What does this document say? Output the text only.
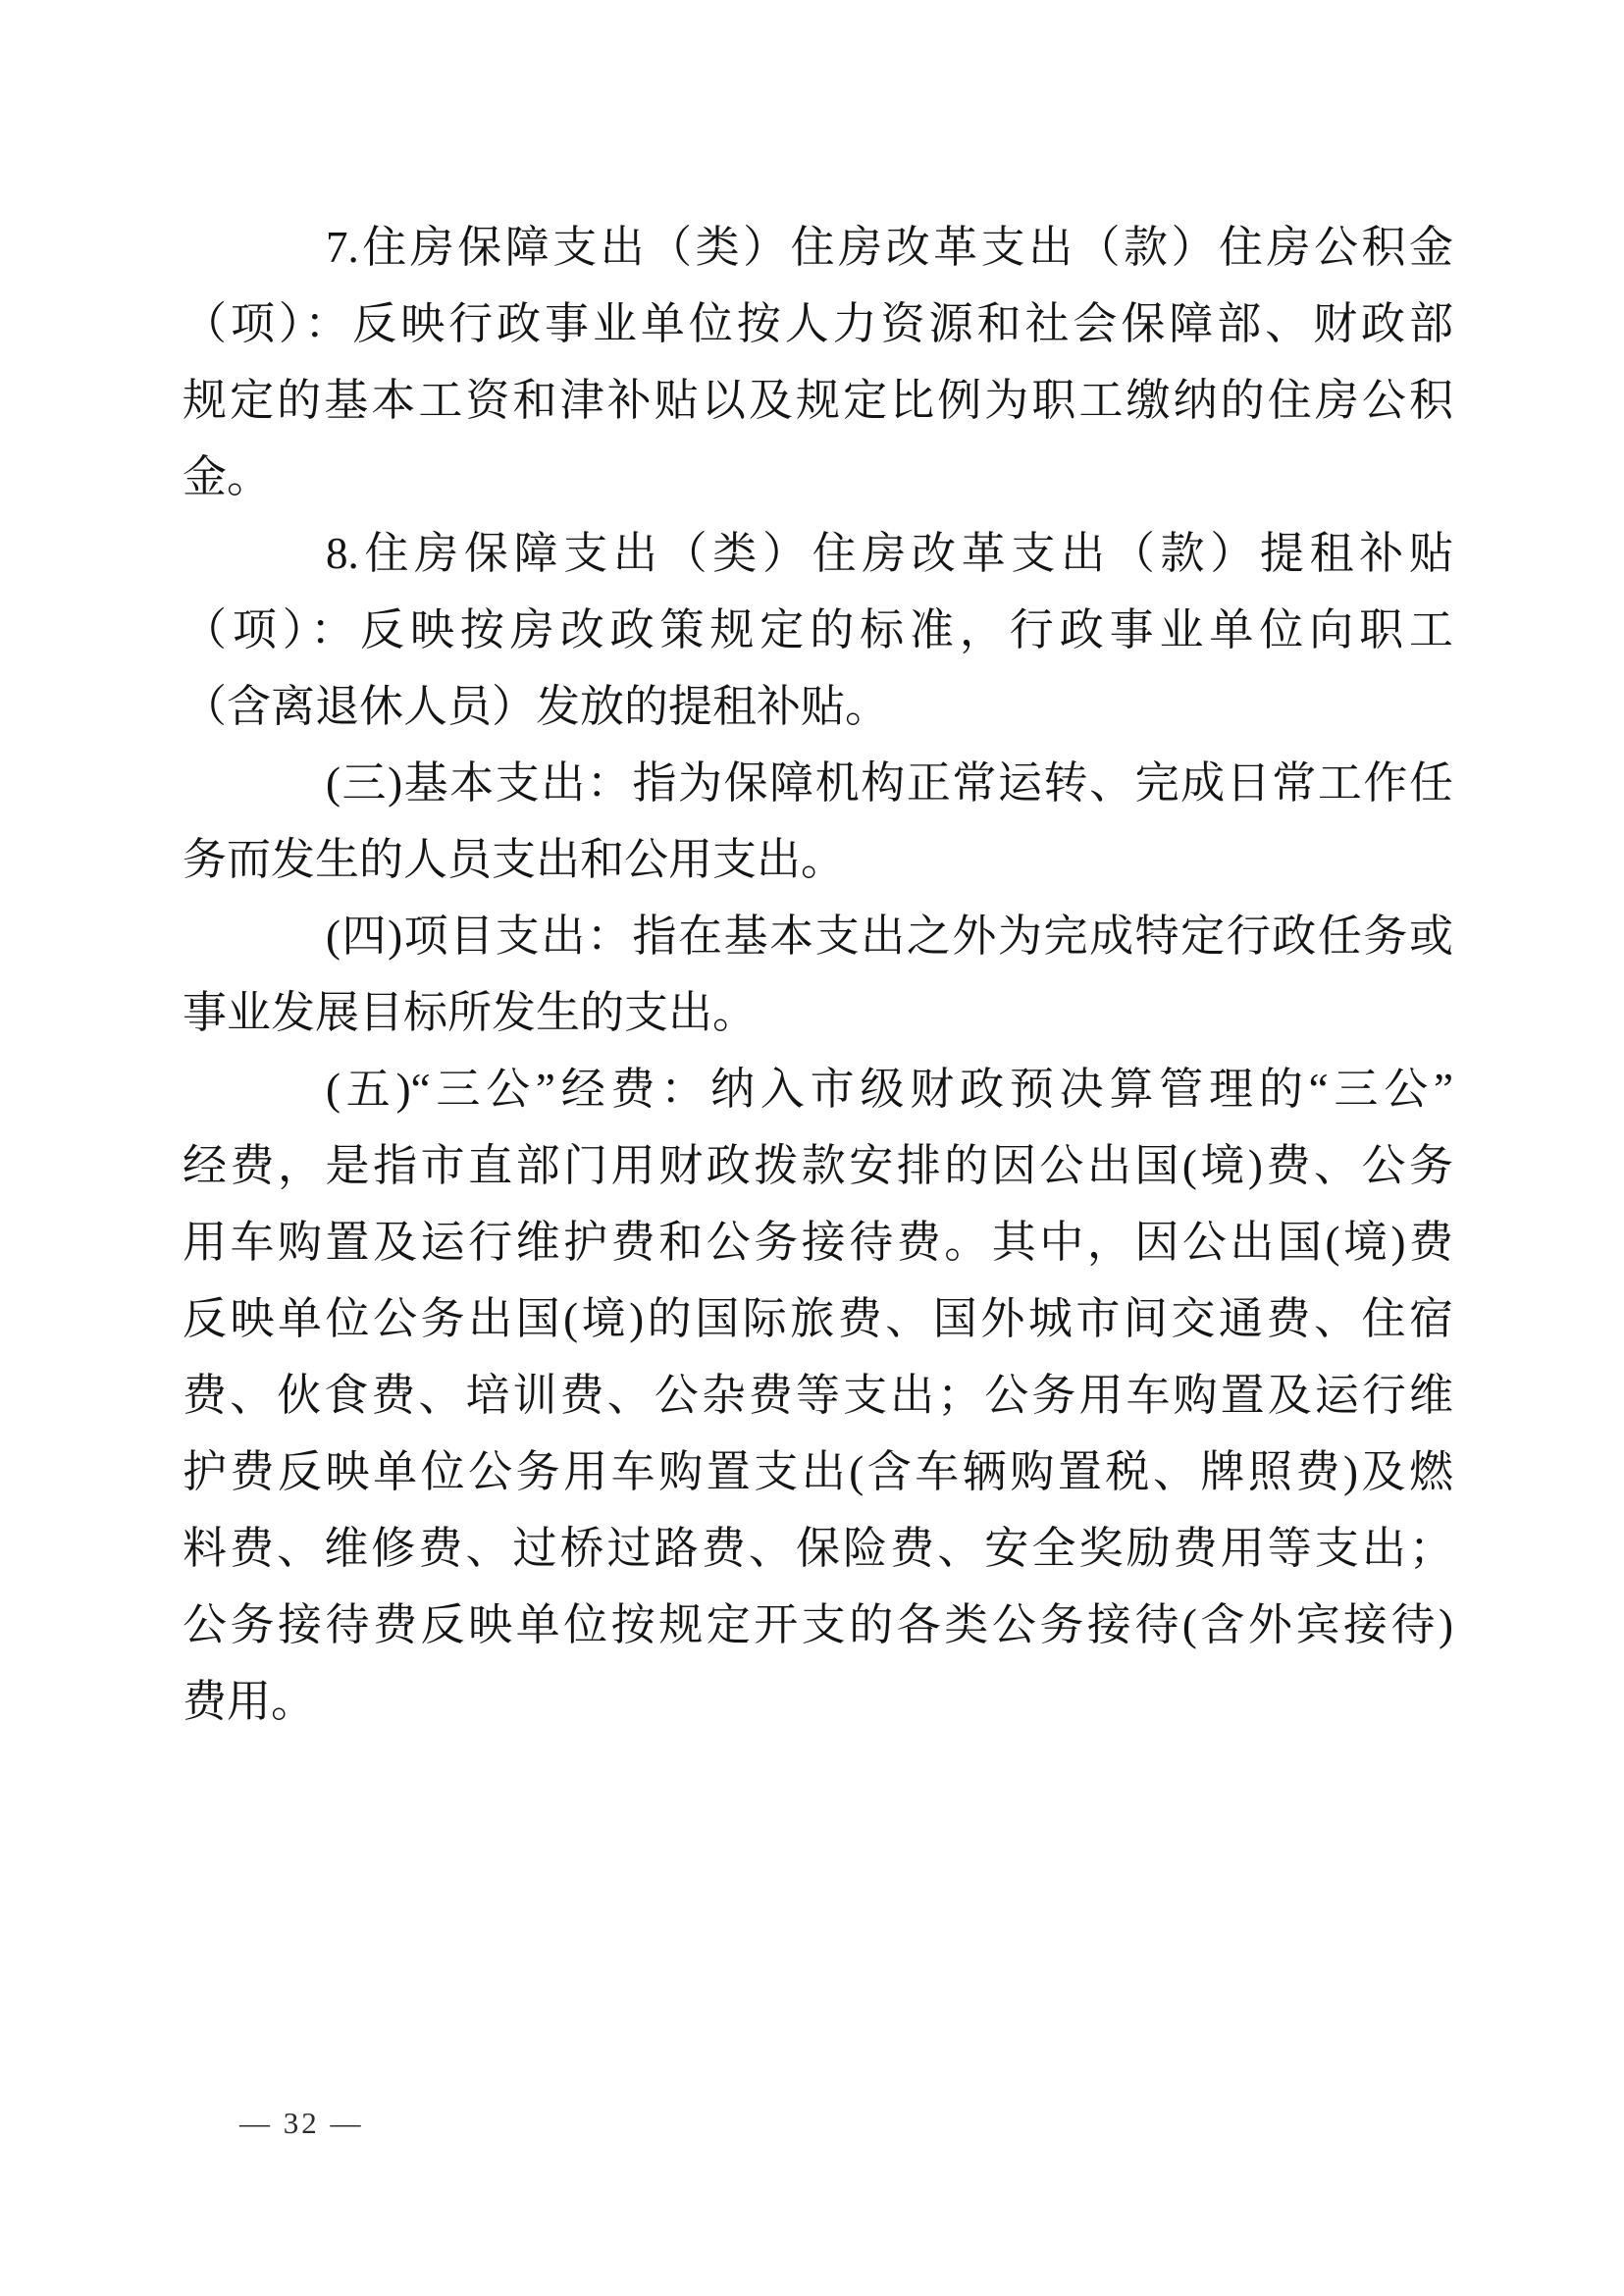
7.住房保障支出（类）住房改革支出（款）住房公积金
（项）：反映行政事业单位按人力资源和社会保障部、财政部
规定的基本工资和津补贴以及规定比例为职工缴纳的住房公积
金。
8.住房保障支出（类）住房改革支出（款）提租补贴
（项）：反映按房改政策规定的标准，行政事业单位向职工
（含离退休人员）发放的提租补贴。
(三)基本支出：指为保障机构正常运转、完成日常工作任
务而发生的人员支出和公用支出。
(四)项目支出：指在基本支出之外为完成特定行政任务或
事业发展目标所发生的支出。
(五)“三公”经费：纳入市级财政预决算管理的“三公”
经费，是指市直部门用财政拨款安排的因公出国(境)费、公务
用车购置及运行维护费和公务接待费。其中，因公出国(境)费
反映单位公务出国(境)的国际旅费、国外城市间交通费、住宿
费、伙食费、培训费、公杂费等支出；公务用车购置及运行维
护费反映单位公务用车购置支出(含车辆购置税、牌照费)及燃
料费、维修费、过桥过路费、保险费、安全奖励费用等支出；
公务接待费反映单位按规定开支的各类公务接待(含外宾接待)
费用。
— 32 —
